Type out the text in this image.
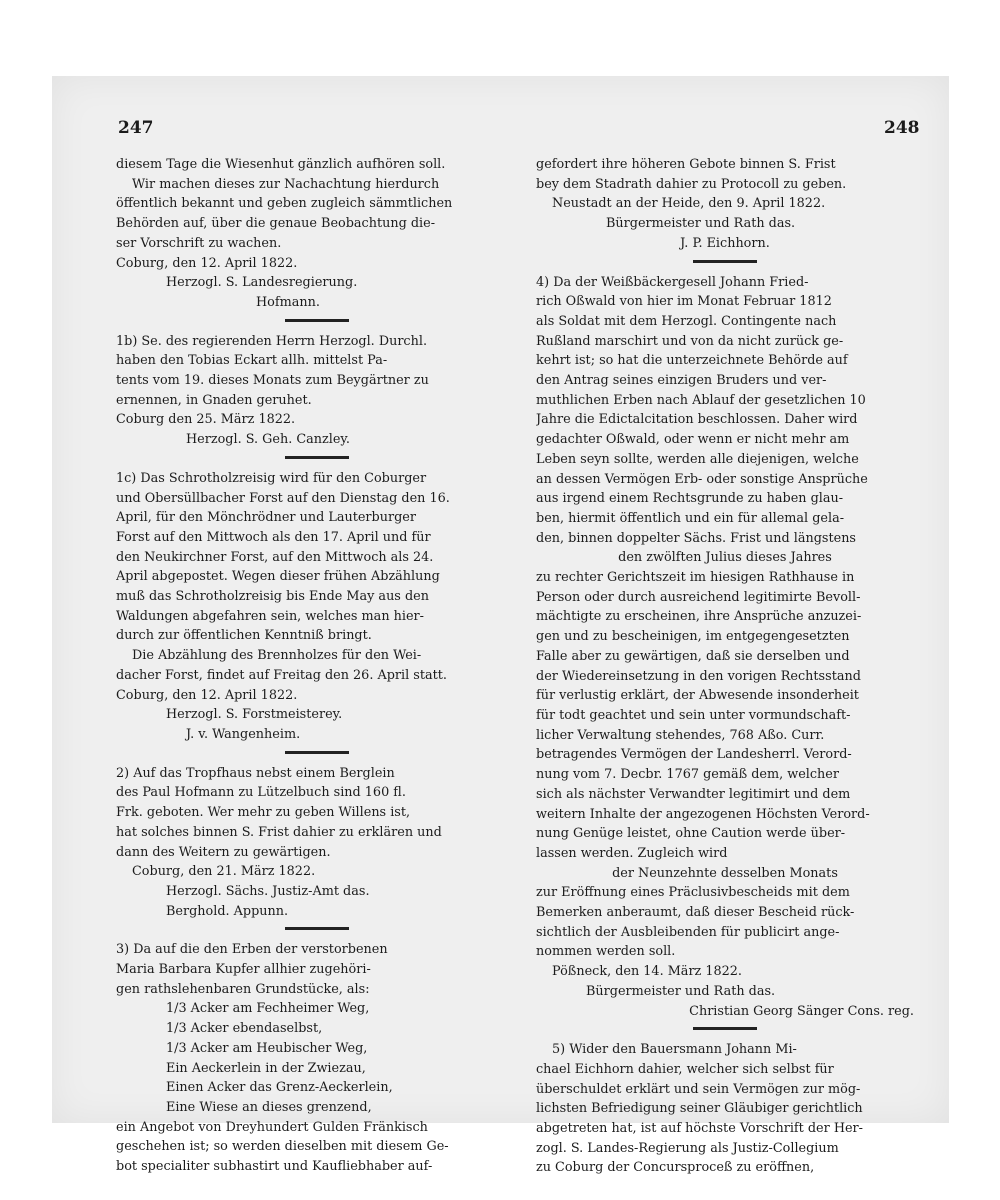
247	248
diesem Tage die Wiesenhut gänzlich aufhören soll.
Wir machen dieses zur Nachachtung hierdurch
öffentlich bekannt und geben zugleich sämmtlichen
Behörden auf, über die genaue Beobachtung die-
ser Vorschrift zu wachen.
Coburg, den 12. April 1822.
Herzogl. S. Landesregierung.
Hofmann.
1b) Se. des regierenden Herrn Herzogl. Durchl.
haben den Tobias Eckart allh. mittelst Pa-
tents vom 19. dieses Monats zum Beygärtner zu
ernennen, in Gnaden geruhet.
Coburg den 25. März 1822.
Herzogl. S. Geh. Canzley.
1c) Das Schrotholzreisig wird für den Coburger
und Obersüllbacher Forst auf den Dienstag den 16.
April, für den Mönchrödner und Lauterburger
Forst auf den Mittwoch als den 17. April und für
den Neukirchner Forst, auf den Mittwoch als 24.
April abgepostet. Wegen dieser frühen Abzählung
muß das Schrotholzreisig bis Ende May aus den
Waldungen abgefahren sein, welches man hier-
durch zur öffentlichen Kenntniß bringt.
Die Abzählung des Brennholzes für den Wei-
dacher Forst, findet auf Freitag den 26. April statt.
Coburg, den 12. April 1822.
Herzogl. S. Forstmeisterey.
J. v. Wangenheim.
2) Auf das Tropfhaus nebst einem Berglein
des Paul Hofmann zu Lützelbuch sind 160 fl.
Frk. geboten. Wer mehr zu geben Willens ist,
hat solches binnen S. Frist dahier zu erklären und
dann des Weitern zu gewärtigen.
Coburg, den 21. März 1822.
Herzogl. Sächs. Justiz-Amt das.
Berghold. Appunn.
3) Da auf die den Erben der verstorbenen
Maria Barbara Kupfer allhier zugehöri-
gen rathslehenbaren Grundstücke, als:
1/3 Acker am Fechheimer Weg,
1/3 Acker ebendaselbst,
1/3 Acker am Heubischer Weg,
Ein Aeckerlein in der Zwiezau,
Einen Acker das Grenz-Aeckerlein,
Eine Wiese an dieses grenzend,
ein Angebot von Dreyhundert Gulden Fränkisch
geschehen ist; so werden dieselben mit diesem Ge-
bot specialiter subhastirt und Kaufliebhaber auf-
gefordert ihre höheren Gebote binnen S. Frist
bey dem Stadrath dahier zu Protocoll zu geben.
Neustadt an der Heide, den 9. April 1822.
Bürgermeister und Rath das.
J. P. Eichhorn.
4) Da der Weißbäckergesell Johann Fried-
rich Oßwald von hier im Monat Februar 1812
als Soldat mit dem Herzogl. Contingente nach
Rußland marschirt und von da nicht zurück ge-
kehrt ist; so hat die unterzeichnete Behörde auf
den Antrag seines einzigen Bruders und ver-
muthlichen Erben nach Ablauf der gesetzlichen 10
Jahre die Edictalcitation beschlossen. Daher wird
gedachter Oßwald, oder wenn er nicht mehr am
Leben seyn sollte, werden alle diejenigen, welche
an dessen Vermögen Erb- oder sonstige Ansprüche
aus irgend einem Rechtsgrunde zu haben glau-
ben, hiermit öffentlich und ein für allemal gela-
den, binnen doppelter Sächs. Frist und längstens
den zwölften Julius dieses Jahres
zu rechter Gerichtszeit im hiesigen Rathhause in
Person oder durch ausreichend legitimirte Bevoll-
mächtigte zu erscheinen, ihre Ansprüche anzuzei-
gen und zu bescheinigen, im entgegengesetzten
Falle aber zu gewärtigen, daß sie derselben und
der Wiedereinsetzung in den vorigen Rechtsstand
für verlustig erklärt, der Abwesende insonderheit
für todt geachtet und sein unter vormundschaft-
licher Verwaltung stehendes, 768 Aßo. Curr.
betragendes Vermögen der Landesherrl. Verord-
nung vom 7. Decbr. 1767 gemäß dem, welcher
sich als nächster Verwandter legitimirt und dem
weitern Inhalte der angezogenen Höchsten Verord-
nung Genüge leistet, ohne Caution werde über-
lassen werden. Zugleich wird
der Neunzehnte desselben Monats
zur Eröffnung eines Präclusivbescheids mit dem
Bemerken anberaumt, daß dieser Bescheid rück-
sichtlich der Ausbleibenden für publicirt ange-
nommen werden soll.
Pößneck, den 14. März 1822.
Bürgermeister und Rath das.
Christian Georg Sänger Cons. reg.
5) Wider den Bauersmann Johann Mi-
chael Eichhorn dahier, welcher sich selbst für
überschuldet erklärt und sein Vermögen zur mög-
lichsten Befriedigung seiner Gläubiger gerichtlich
abgetreten hat, ist auf höchste Vorschrift der Her-
zogl. S. Landes-Regierung als Justiz-Collegium
zu Coburg der Concursproceß zu eröffnen,
